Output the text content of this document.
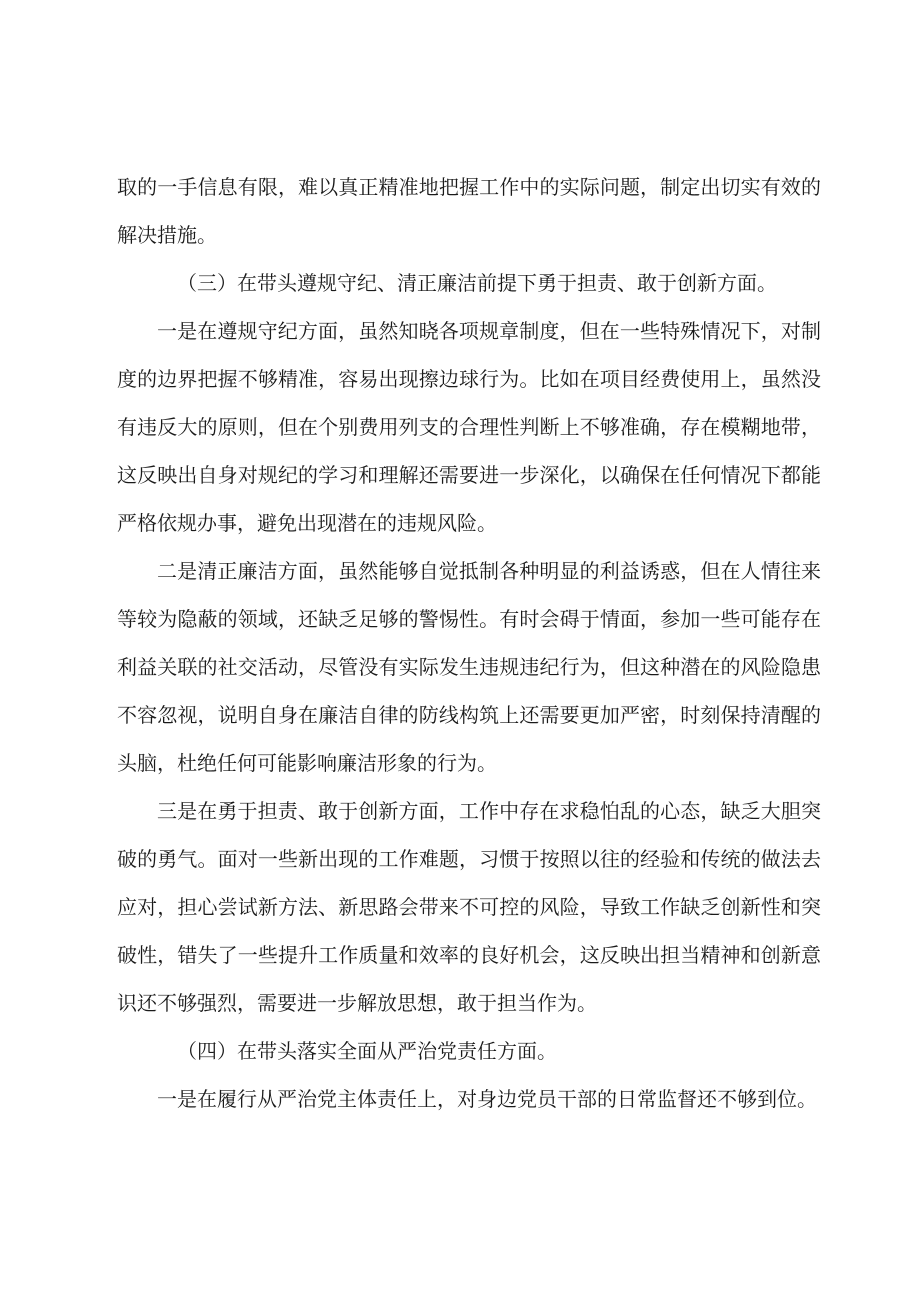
取的一手信息有限，难以真正精准地把握工作中的实际问题，制定出切实有效的解决措施。

（三）在带头遵规守纪、清正廉洁前提下勇于担责、敢于创新方面。

一是在遵规守纪方面，虽然知晓各项规章制度，但在一些特殊情况下，对制度的边界把握不够精准，容易出现擦边球行为。比如在项目经费使用上，虽然没有违反大的原则，但在个别费用列支的合理性判断上不够准确，存在模糊地带，这反映出自身对规纪的学习和理解还需要进一步深化，以确保在任何情况下都能严格依规办事，避免出现潜在的违规风险。

二是清正廉洁方面，虽然能够自觉抵制各种明显的利益诱惑，但在人情往来等较为隐蔽的领域，还缺乏足够的警惕性。有时会碍于情面，参加一些可能存在利益关联的社交活动，尽管没有实际发生违规违纪行为，但这种潜在的风险隐患不容忽视，说明自身在廉洁自律的防线构筑上还需要更加严密，时刻保持清醒的头脑，杜绝任何可能影响廉洁形象的行为。

三是在勇于担责、敢于创新方面，工作中存在求稳怕乱的心态，缺乏大胆突破的勇气。面对一些新出现的工作难题，习惯于按照以往的经验和传统的做法去应对，担心尝试新方法、新思路会带来不可控的风险，导致工作缺乏创新性和突破性，错失了一些提升工作质量和效率的良好机会，这反映出担当精神和创新意识还不够强烈，需要进一步解放思想，敢于担当作为。

（四）在带头落实全面从严治党责任方面。

一是在履行从严治党主体责任上，对身边党员干部的日常监督还不够到位。
